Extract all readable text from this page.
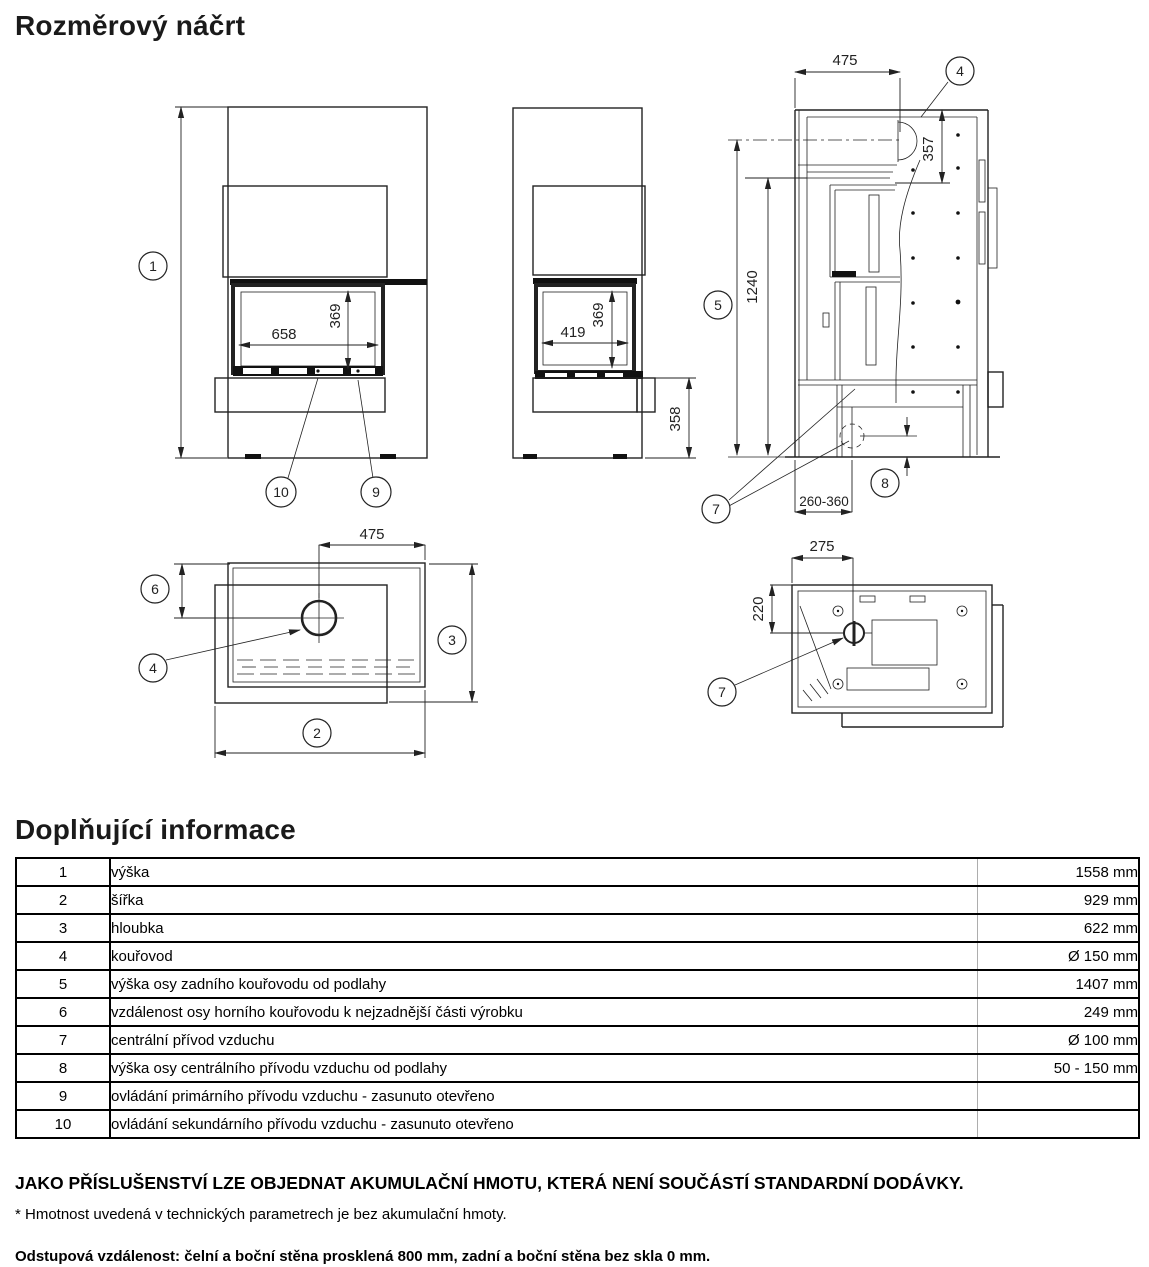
Rozměrový náčrt
658
369
1
10	9
419
369
358
475
357
1240
260-360
4
5
7
8
475
6
4
3
2
275
220
7
Doplňující informace
1	výška	1558 mm
2	šířka	929 mm
3	hloubka	622 mm
4	kouřovod	Ø 150 mm
5	výška osy zadního kouřovodu od podlahy	1407 mm
6	vzdálenost osy horního kouřovodu k nejzadnější části výrobku	249 mm
7	centrální přívod vzduchu	Ø 100 mm
8	výška osy centrálního přívodu vzduchu od podlahy	50 - 150 mm
9	ovládání primárního přívodu vzduchu - zasunuto otevřeno	
10	ovládání sekundárního přívodu vzduchu - zasunuto otevřeno	

JAKO PŘÍSLUŠENSTVÍ LZE OBJEDNAT AKUMULAČNÍ HMOTU, KTERÁ NENÍ SOUČÁSTÍ STANDARDNÍ DODÁVKY.

* Hmotnost uvedená v technických parametrech je bez akumulační hmoty.

Odstupová vzdálenost: čelní a boční stěna prosklená 800 mm, zadní a boční stěna bez skla 0 mm.
